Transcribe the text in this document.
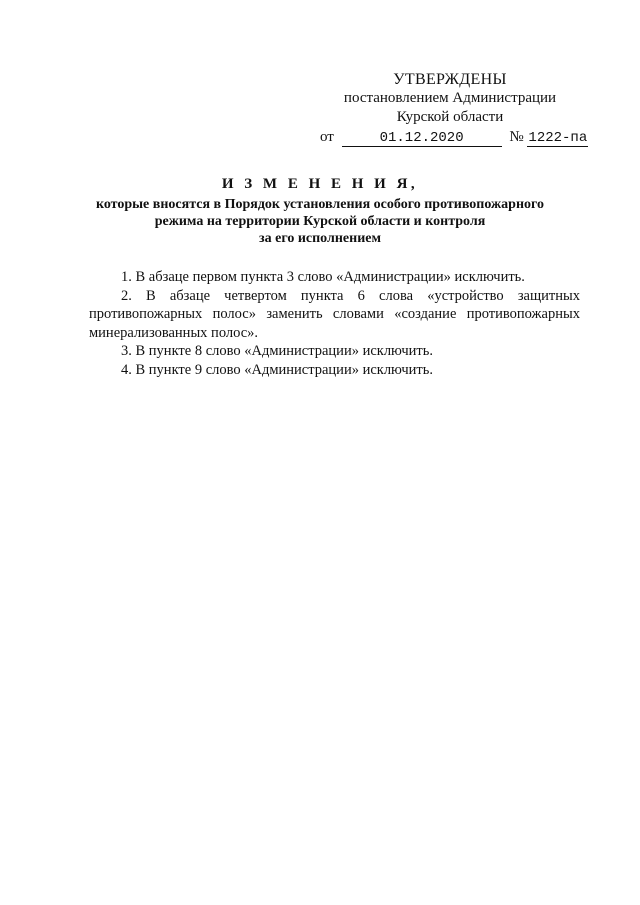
УТВЕРЖДЕНЫ
постановлением Администрации
Курской области
от	01.12.2020	№ 1222-па
И З М Е Н Е Н И Я,
которые вносятся в Порядок установления особого противопожарного
режима на территории Курской области и контроля
за его исполнением

1. В абзаце первом пункта 3 слово «Администрации» исключить.

2. В абзаце четвертом пункта 6 слова «устройство защитных противопожарных полос» заменить словами «создание противопожарных минерализованных полос».

3. В пункте 8 слово «Администрации» исключить.

4. В пункте 9 слово «Администрации» исключить.
